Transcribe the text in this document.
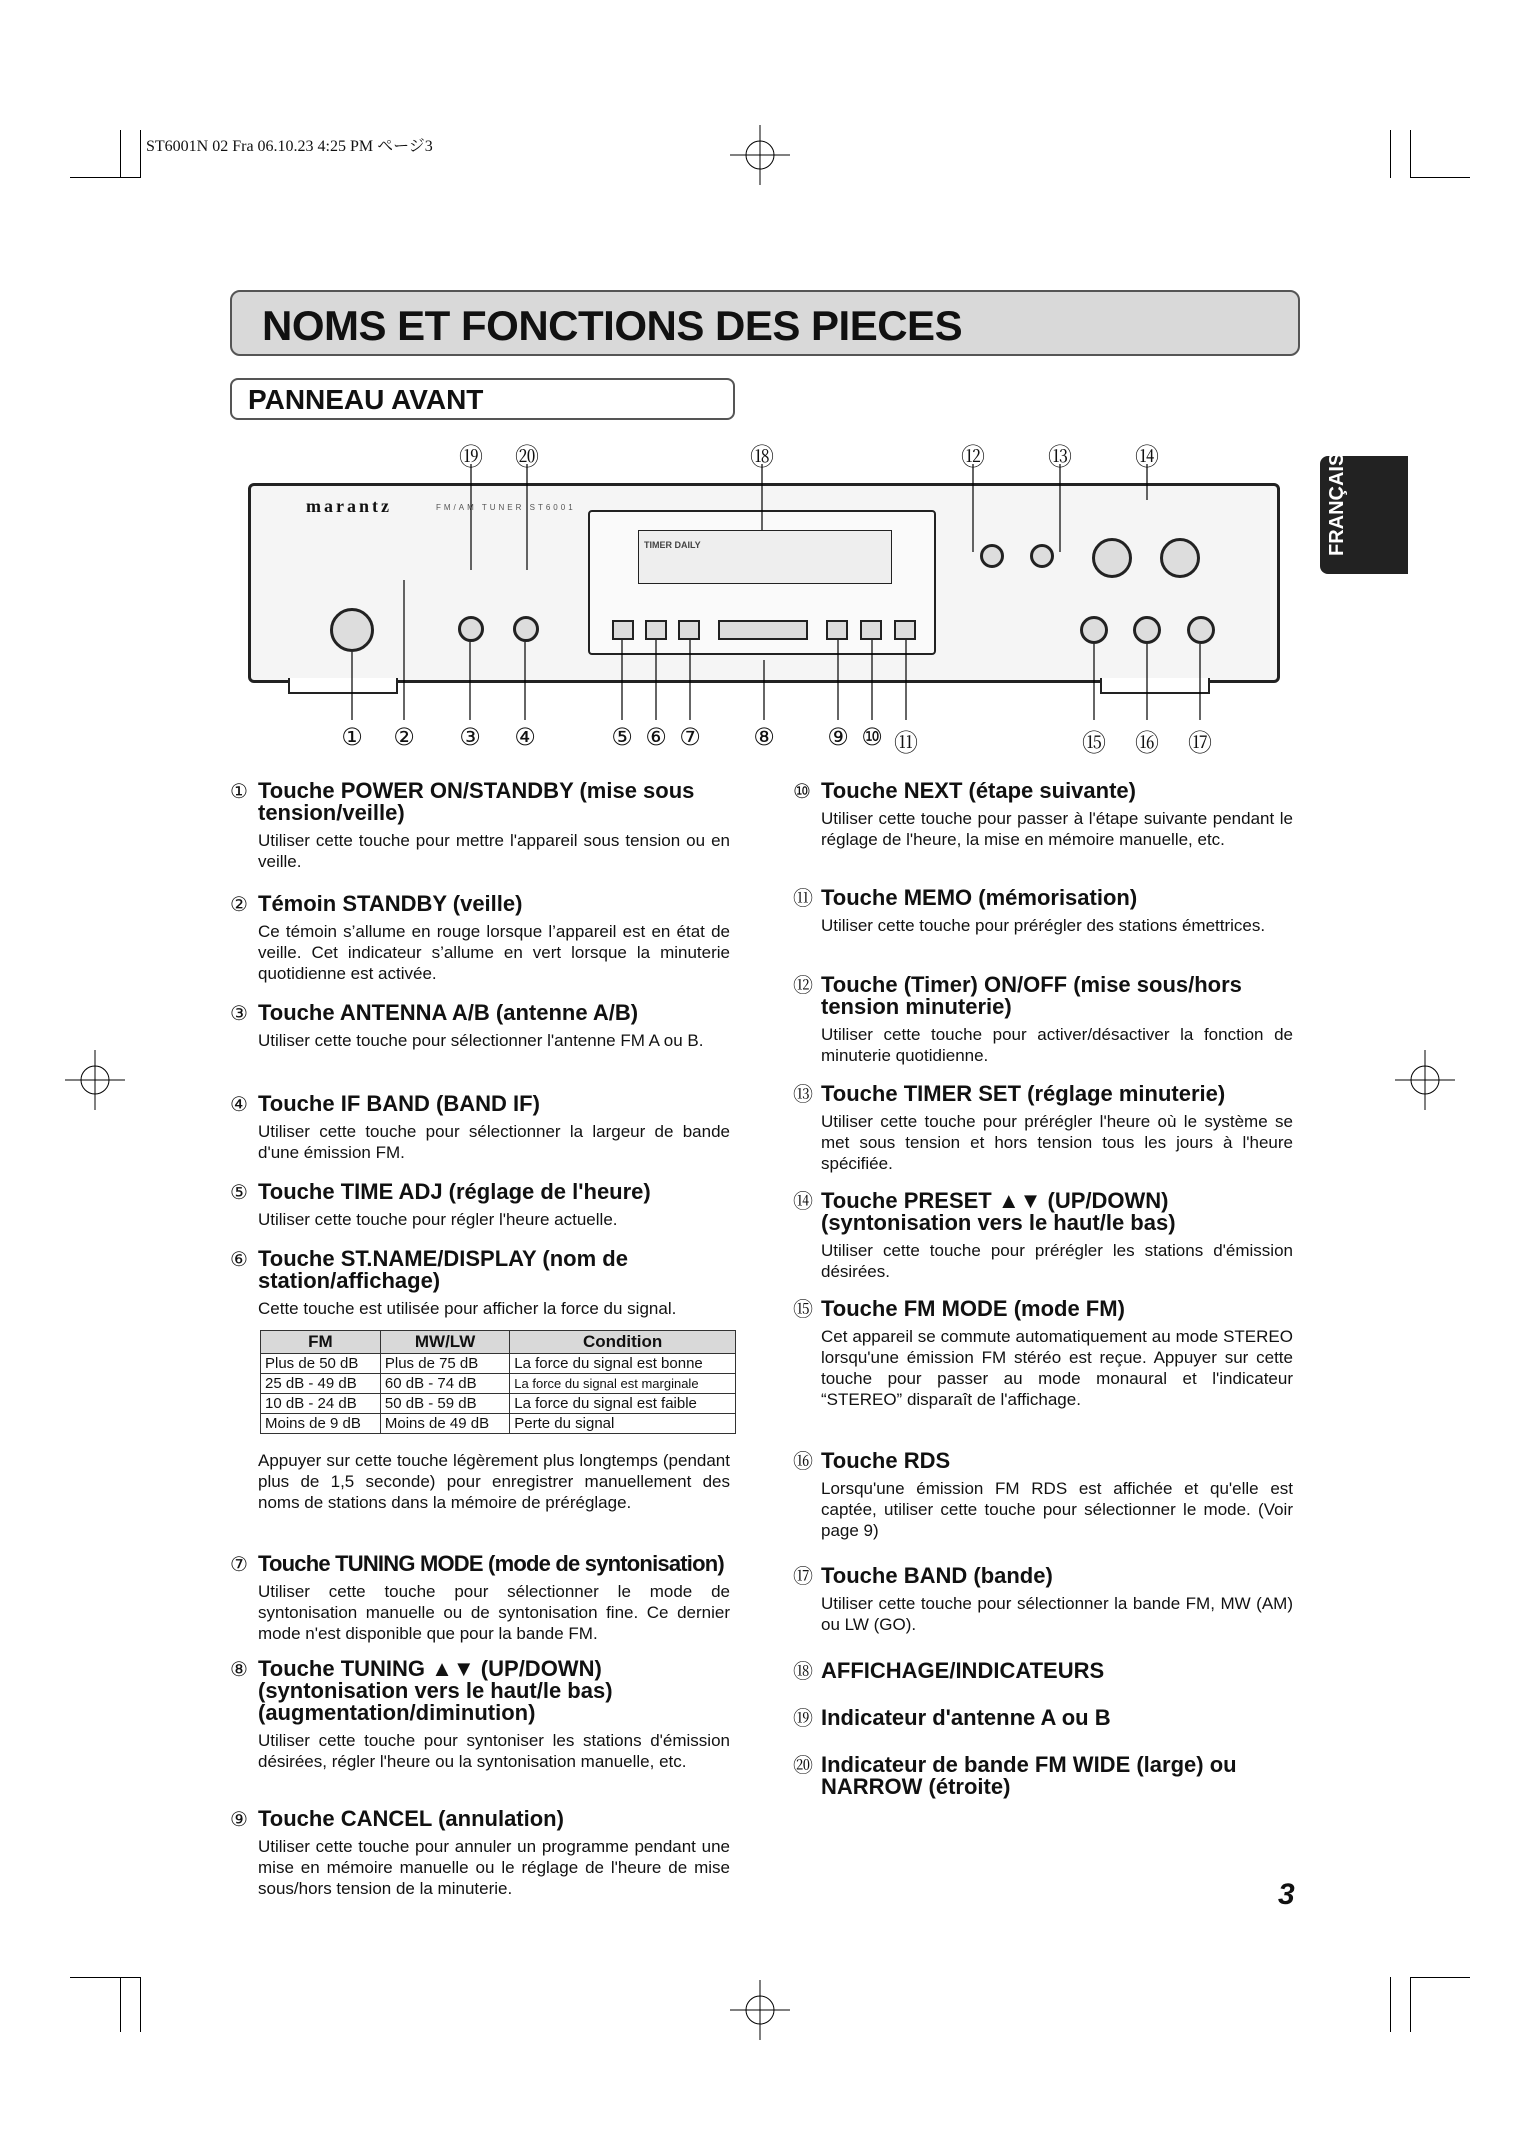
ST6001N 02 Fra 06.10.23 4:25 PM ページ3
NOMS ET FONCTIONS DES PIECES
PANNEAU AVANT
FRANÇAIS
⑲ ⑳	⑱	⑫	⑬	⑭
marantz	FM/AM TUNER ST6001
TIMER DAILY
① ② ③ ④	⑤ ⑥ ⑦ ⑧ ⑨ ⑩ ⑪	⑮ ⑯ ⑰
① Touche POWER ON/STANDBY (mise sous tension/veille)

Utiliser cette touche pour mettre l'appareil sous tension ou en veille.

② Témoin STANDBY (veille)

Ce témoin s’allume en rouge lorsque l’appareil est en état de veille. Cet indicateur s’allume en vert lorsque la minuterie quotidienne est activée.

③ Touche ANTENNA A/B (antenne A/B)

Utiliser cette touche pour sélectionner l'antenne FM A ou B.

④ Touche IF BAND (BAND IF)

Utiliser cette touche pour sélectionner la largeur de bande d'une émission FM.

⑤ Touche TIME ADJ (réglage de l'heure)

Utiliser cette touche pour régler l'heure actuelle.

⑥ Touche ST.NAME/DISPLAY (nom de station/affichage)

Cette touche est utilisée pour afficher la force du signal.

FM	MW/LW	Condition
Plus de 50 dB	Plus de 75 dB	La force du signal est bonne
25 dB - 49 dB	60 dB - 74 dB	La force du signal est marginale
10 dB - 24 dB	50 dB - 59 dB	La force du signal est faible
Moins de 9 dB	Moins de 49 dB	Perte du signal

Appuyer sur cette touche légèrement plus longtemps (pendant plus de 1,5 seconde) pour enregistrer manuellement des noms de stations dans la mémoire de préréglage.

⑦ Touche TUNING MODE (mode de syntonisation)

Utiliser cette touche pour sélectionner le mode de syntonisation manuelle ou de syntonisation fine. Ce dernier mode n'est disponible que pour la bande FM.

⑧ Touche TUNING ▲▼ (UP/DOWN) (syntonisation vers le haut/le bas) (augmentation/diminution)

Utiliser cette touche pour syntoniser les stations d'émission désirées, régler l'heure ou la syntonisation manuelle, etc.

⑨ Touche CANCEL (annulation)

Utiliser cette touche pour annuler un programme pendant une mise en mémoire manuelle ou le réglage de l'heure de mise sous/hors tension de la minuterie.

⑩ Touche NEXT (étape suivante)

Utiliser cette touche pour passer à l'étape suivante pendant le réglage de l'heure, la mise en mémoire manuelle, etc.

⑪ Touche MEMO (mémorisation)

Utiliser cette touche pour prérégler des stations émettrices.

⑫ Touche (Timer) ON/OFF (mise sous/hors tension minuterie)

Utiliser cette touche pour activer/désactiver la fonction de minuterie quotidienne.

⑬ Touche TIMER SET (réglage minuterie)

Utiliser cette touche pour prérégler l'heure où le système se met sous tension et hors tension tous les jours à l'heure spécifiée.

⑭ Touche PRESET ▲▼ (UP/DOWN) (syntonisation vers le haut/le bas)

Utiliser cette touche pour prérégler les stations d'émission désirées.

⑮ Touche FM MODE (mode FM)

Cet appareil se commute automatiquement au mode STEREO lorsqu'une émission FM stéréo est reçue. Appuyer sur cette touche pour passer au mode monaural et l'indicateur “STEREO” disparaît de l'affichage.

⑯ Touche RDS

Lorsqu'une émission FM RDS est affichée et qu'elle est captée, utiliser cette touche pour sélectionner le mode. (Voir page 9)

⑰ Touche BAND (bande)

Utiliser cette touche pour sélectionner la bande FM, MW (AM) ou LW (GO).

⑱ AFFICHAGE/INDICATEURS
⑲ Indicateur d'antenne A ou B
⑳ Indicateur de bande FM WIDE (large) ou NARROW (étroite)
3
